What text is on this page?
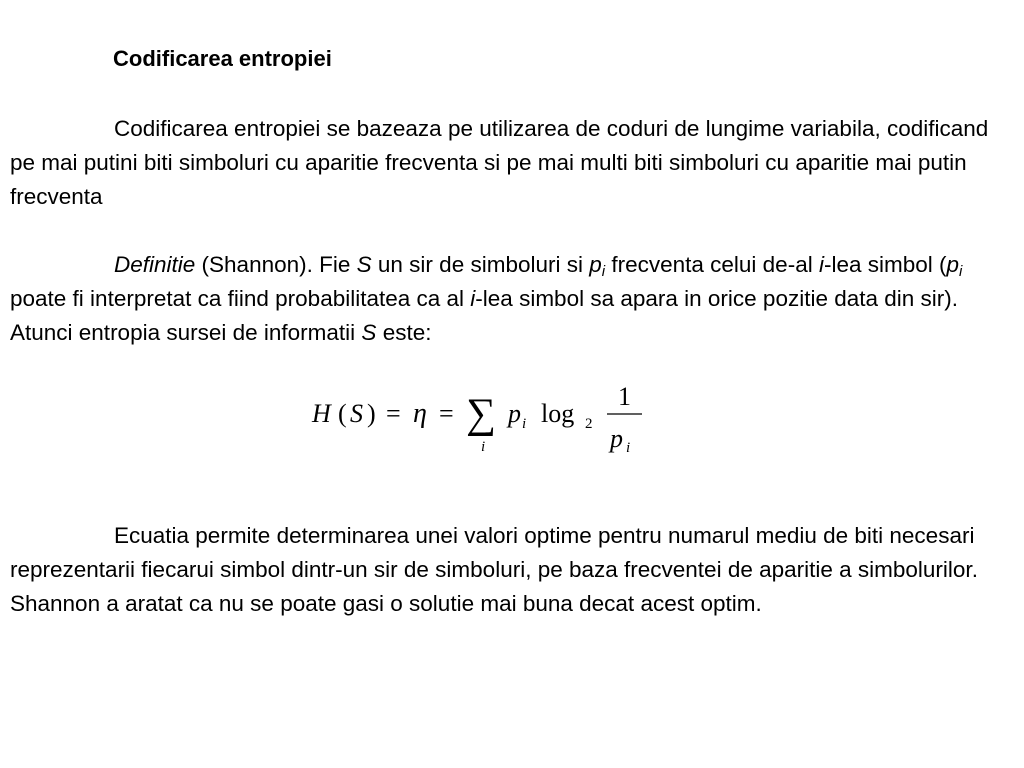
Codificarea entropiei

Codificarea entropiei se bazeaza pe utilizarea de coduri de lungime variabila, codificand pe mai putini biti simboluri cu aparitie frecventa si pe mai multi biti simboluri cu aparitie mai putin frecventa

Definitie (Shannon). Fie S un sir de simboluri si $p_i$ frecventa celui de-al i-lea simbol ($p_i$ poate fi interpretat ca fiind probabilitatea ca al i-lea simbol sa apara in orice pozitie data din sir). Atunci entropia sursei de informatii S este:

H ( S ) = η = ∑
i
p i log 2
1
p i

Ecuatia permite determinarea unei valori optime pentru numarul mediu de biti necesari reprezentarii fiecarui simbol dintr-un sir de simboluri, pe baza frecventei de aparitie a simbolurilor. Shannon a aratat ca nu se poate gasi o solutie mai buna decat acest optim.
